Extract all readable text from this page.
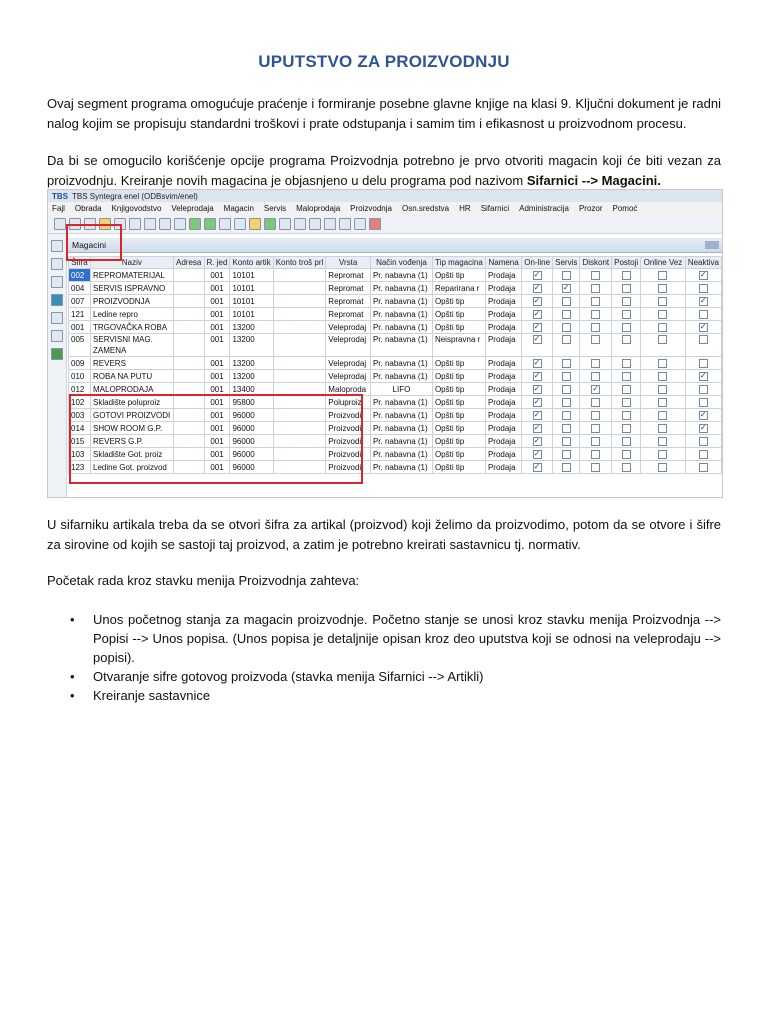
UPUTSTVO ZA PROIZVODNJU
Ovaj segment programa omogućuje praćenje i formiranje posebne glavne knjige na klasi 9. Ključni dokument je radni nalog kojim se propisuju standardni troškovi i prate odstupanja i samim tim i efikasnost u proizvodnom procesu.
Da bi se omogucilo korišćenje opcije programa Proizvodnja potrebno je prvo otvoriti magacin koji će biti vezan za proizvodnju. Kreiranje novih magacina je objasnjeno u delu programa pod nazivom Sifarnici --> Magacini.
TBS TBS Syntegra enel (ODBsvim/enel)
Fajl Obrada Knjigovodstvo Veleprodaja Magacin Servis Maloprodaja Proizvodnja Osn.sredstva HR Sifarnici Administracija Prozor Pomoć
Magacini
Šifra	Naziv	Adresa	R. jed	Konto artik	Konto troš prl	Vrsta	Način vođenja	Tip magacina	Namena	On-line	Servis	Diskont	Postoji	Online Vez	Neaktiva
002	REPROMATERIJAL		001	10101		Repromat	Pr. nabavna (1)	Opšti tip	Prodaja	✓					✓
004	SERVIS ISPRAVNO		001	10101		Repromat	Pr. nabavna (1)	Reparirana r	Prodaja	✓	✓				
007	PROIZVODNJA		001	10101		Repromat	Pr. nabavna (1)	Opšti tip	Prodaja	✓					✓
121	Ledine repro		001	10101		Repromat	Pr. nabavna (1)	Opšti tip	Prodaja	✓					
001	TRGOVAČKA ROBA		001	13200		Veleprodaj	Pr. nabavna (1)	Opšti tip	Prodaja	✓					✓
005	SERVISNI MAG. ZAMENA		001	13200		Veleprodaj	Pr. nabavna (1)	Neispravna r	Prodaja	✓					
009	REVERS		001	13200		Veleprodaj	Pr. nabavna (1)	Opšti tip	Prodaja	✓					
010	ROBA NA PUTU		001	13200		Veleprodaj	Pr. nabavna (1)	Opšti tip	Prodaja	✓					✓
012	MALOPRODAJA		001	13400		Maloproda	LIFO	Opšti tip	Prodaja	✓		✓			
102	Skladište poluproiz		001	95800		Poluproiz	Pr. nabavna (1)	Opšti tip	Prodaja	✓					
003	GOTOVI PROIZVODI		001	96000		Proizvodi	Pr. nabavna (1)	Opšti tip	Prodaja	✓					✓
014	SHOW ROOM G.P.		001	96000		Proizvodi	Pr. nabavna (1)	Opšti tip	Prodaja	✓					✓
015	REVERS G.P.		001	96000		Proizvodi	Pr. nabavna (1)	Opšti tip	Prodaja	✓					
103	Skladište Got. proiz		001	96000		Proizvodi	Pr. nabavna (1)	Opšti tip	Prodaja	✓					
123	Ledine Got. proizvod		001	96000		Proizvodi	Pr. nabavna (1)	Opšti tip	Prodaja	✓					
U sifarniku artikala treba da se otvori šifra za artikal (proizvod) koji želimo da proizvodimo, potom da se otvore i šifre za sirovine od kojih se sastoji taj proizvod, a zatim je potrebno kreirati sastavnicu tj. normativ.
Početak rada kroz stavku menija Proizvodnja zahteva:
• Unos početnog stanja za magacin proizvodnje. Početno stanje se unosi kroz stavku menija Proizvodnja --> Popisi --> Unos popisa. (Unos popisa je detaljnije opisan kroz deo uputstva koji se odnosi na veleprodaju --> popisi).
• Otvaranje sifre gotovog proizvoda (stavka menija Sifarnici --> Artikli)
• Kreiranje sastavnice
